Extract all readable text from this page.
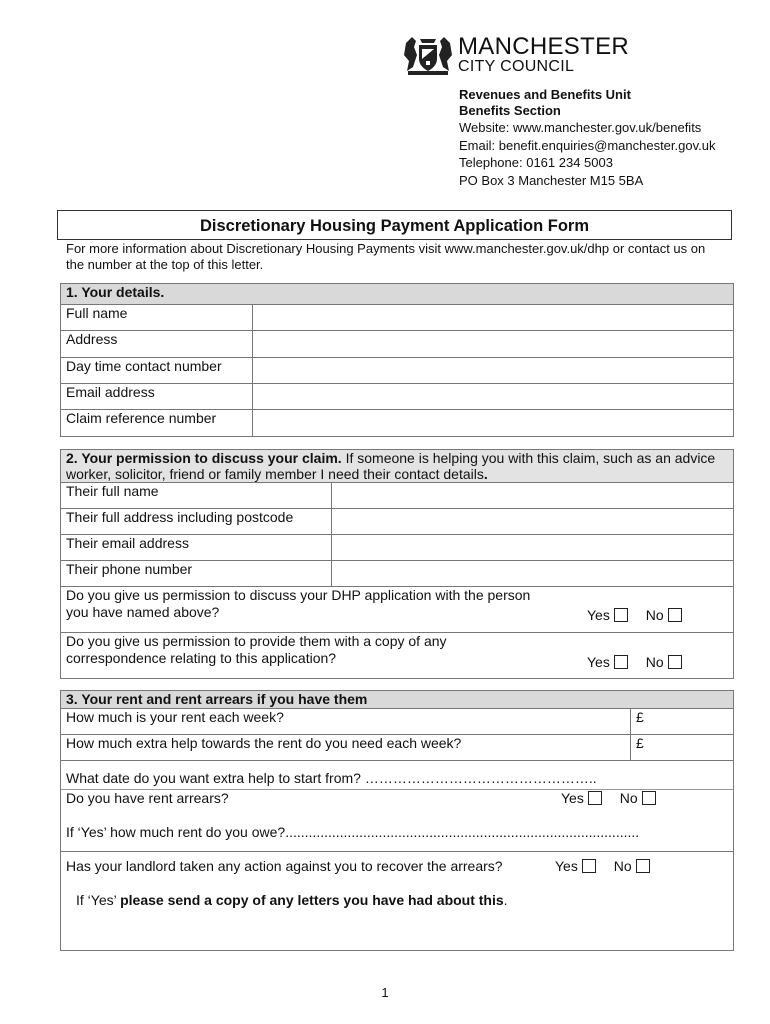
MANCHESTER
CITY COUNCIL
Revenues and Benefits Unit
Benefits Section
Website: www.manchester.gov.uk/benefits
Email: benefit.enquiries@manchester.gov.uk
Telephone: 0161 234 5003
PO Box 3 Manchester M15 5BA
Discretionary Housing Payment Application Form
For more information about Discretionary Housing Payments visit www.manchester.gov.uk/dhp or contact us on the number at the top of this letter.
1. Your details.	
Full name	
Address	
Day time contact number	
Email address	
Claim reference number	
2. Your permission to discuss your claim. If someone is helping you with this claim, such as an advice worker, solicitor, friend or family member I need their contact details.	
Their full name	
Their full address including postcode	
Their email address	
Their phone number	

Do you give us permission to discuss your DHP application with the person you have named above? Yes No	

Do you give us permission to provide them with a copy of any correspondence relating to this application? Yes No	
3. Your rent and rent arrears if you have them	
How much is your rent each week?	£
How much extra help towards the rent do you need each week?	£

What date do you want extra help to start from? …………………………………………..
Do you have rent arrears? Yes No
If ‘Yes’ how much rent do you owe?...........................................................................................	

Has your landlord taken any action against you to recover the arrears? Yes No
If ‘Yes’ please send a copy of any letters you have had about this.	
1
